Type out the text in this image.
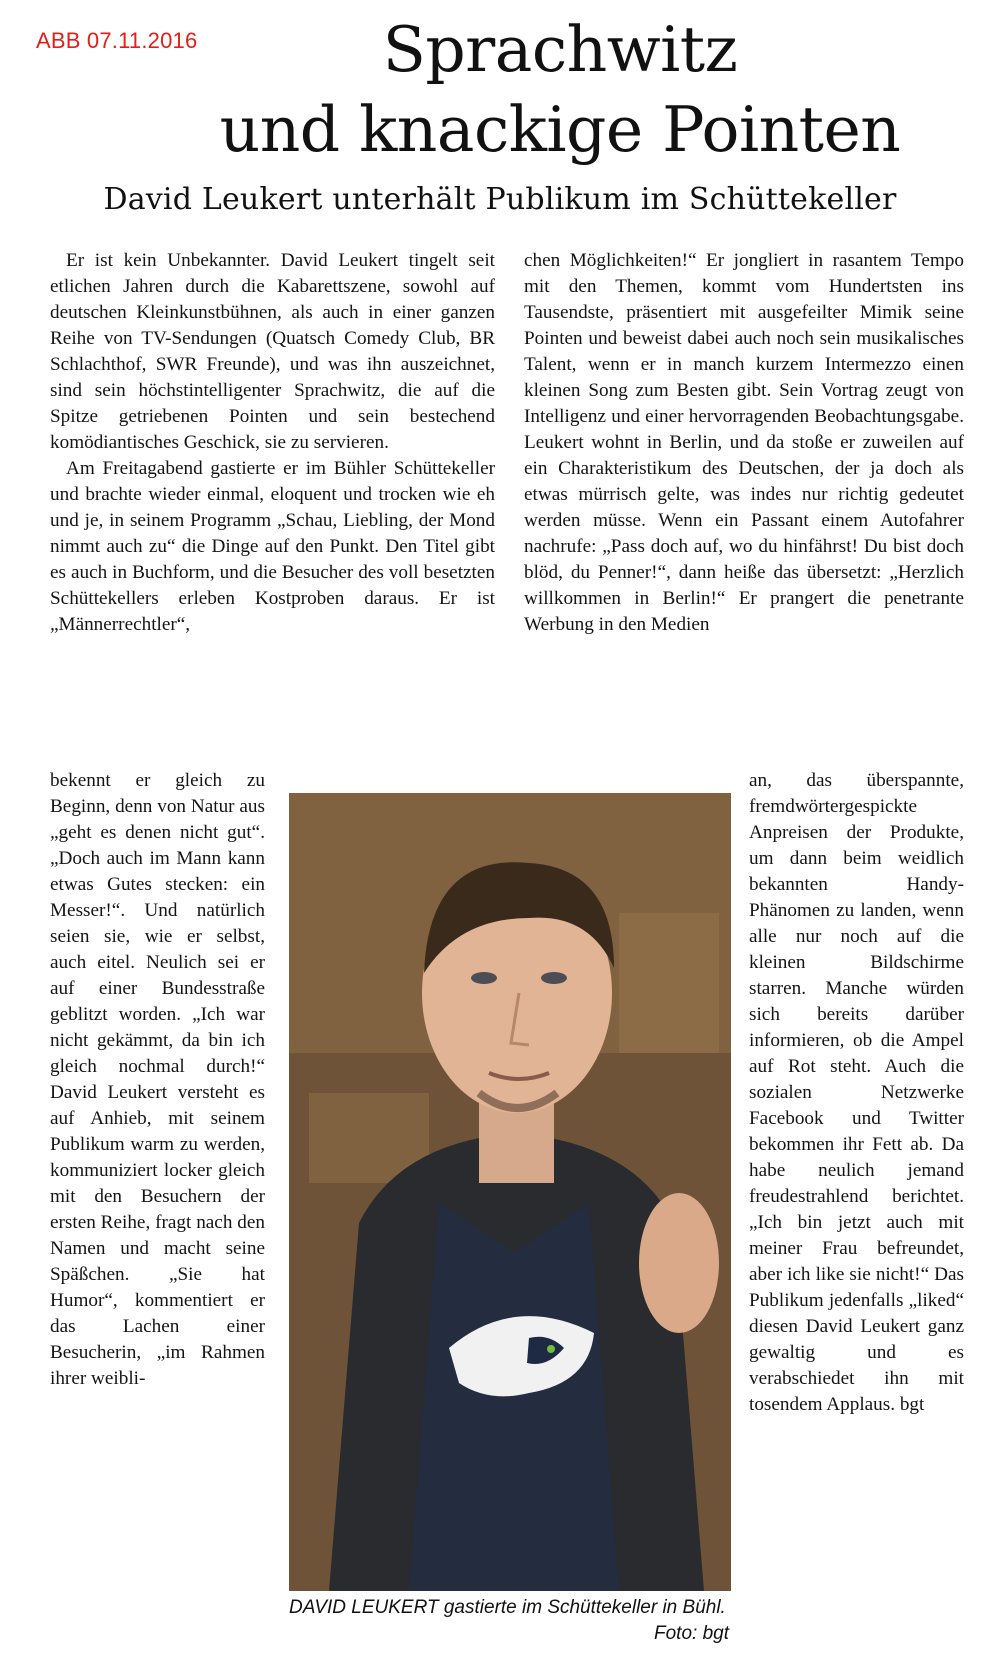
ABB 07.11.2016	Sprachwitz
und knackige Pointen
David Leukert unterhält Publikum im Schüttekeller

Er ist kein Unbekannter. David Leukert tingelt seit etlichen Jahren durch die Kabarettszene, sowohl auf deutschen Kleinkunstbühnen, als auch in einer ganzen Reihe von TV-Sendungen (Quatsch Comedy Club, BR Schlachthof, SWR Freunde), und was ihn auszeichnet, sind sein höchstintelligenter Sprachwitz, die auf die Spitze getriebenen Pointen und sein bestechend komödiantisches Geschick, sie zu servieren.

Am Freitagabend gastierte er im Bühler Schüttekeller und brachte wieder einmal, eloquent und trocken wie eh und je, in seinem Programm „Schau, Liebling, der Mond nimmt auch zu“ die Dinge auf den Punkt. Den Titel gibt es auch in Buchform, und die Besucher des voll besetzten Schüttekellers erleben Kostproben daraus. Er ist „Männerrechtler“,

bekennt er gleich zu Beginn, denn von Natur aus „geht es denen nicht gut“. „Doch auch im Mann kann etwas Gutes stecken: ein Messer!“. Und natürlich seien sie, wie er selbst, auch eitel. Neulich sei er auf einer Bundesstraße geblitzt worden. „Ich war nicht gekämmt, da bin ich gleich nochmal durch!“ David Leukert versteht es auf Anhieb, mit seinem Publikum warm zu werden, kommuniziert locker gleich mit den Besuchern der ersten Reihe, fragt nach den Namen und macht seine Späßchen. „Sie hat Humor“, kommentiert er das Lachen einer Besucherin, „im Rahmen ihrer weibli-

chen Möglichkeiten!“ Er jongliert in rasantem Tempo mit den Themen, kommt vom Hundertsten ins Tausendste, präsentiert mit ausgefeilter Mimik seine Pointen und beweist dabei auch noch sein musikalisches Talent, wenn er in manch kurzem Intermezzo einen kleinen Song zum Besten gibt. Sein Vortrag zeugt von Intelligenz und einer hervorragenden Beobachtungsgabe. Leukert wohnt in Berlin, und da stoße er zuweilen auf ein Charakteristikum des Deutschen, der ja doch als etwas mürrisch gelte, was indes nur richtig gedeutet werden müsse. Wenn ein Passant einem Autofahrer nachrufe: „Pass doch auf, wo du hinfährst! Du bist doch blöd, du Penner!“, dann heiße das übersetzt: „Herzlich willkommen in Berlin!“ Er prangert die penetrante Werbung in den Medien

an, das überspannte, fremdwörtergespickte Anpreisen der Produkte, um dann beim weidlich bekannten Handy-Phänomen zu landen, wenn alle nur noch auf die kleinen Bildschirme starren. Manche würden sich bereits darüber informieren, ob die Ampel auf Rot steht. Auch die sozialen Netzwerke Facebook und Twitter bekommen ihr Fett ab. Da habe neulich jemand freudestrahlend berichtet. „Ich bin jetzt auch mit meiner Frau befreundet, aber ich like sie nicht!“ Das Publikum jedenfalls „liked“ diesen David Leukert ganz gewaltig und es verabschiedet ihn mit tosendem Applaus. bgt

DAVID LEUKERT gastierte im Schüttekeller in Bühl.
Foto: bgt
